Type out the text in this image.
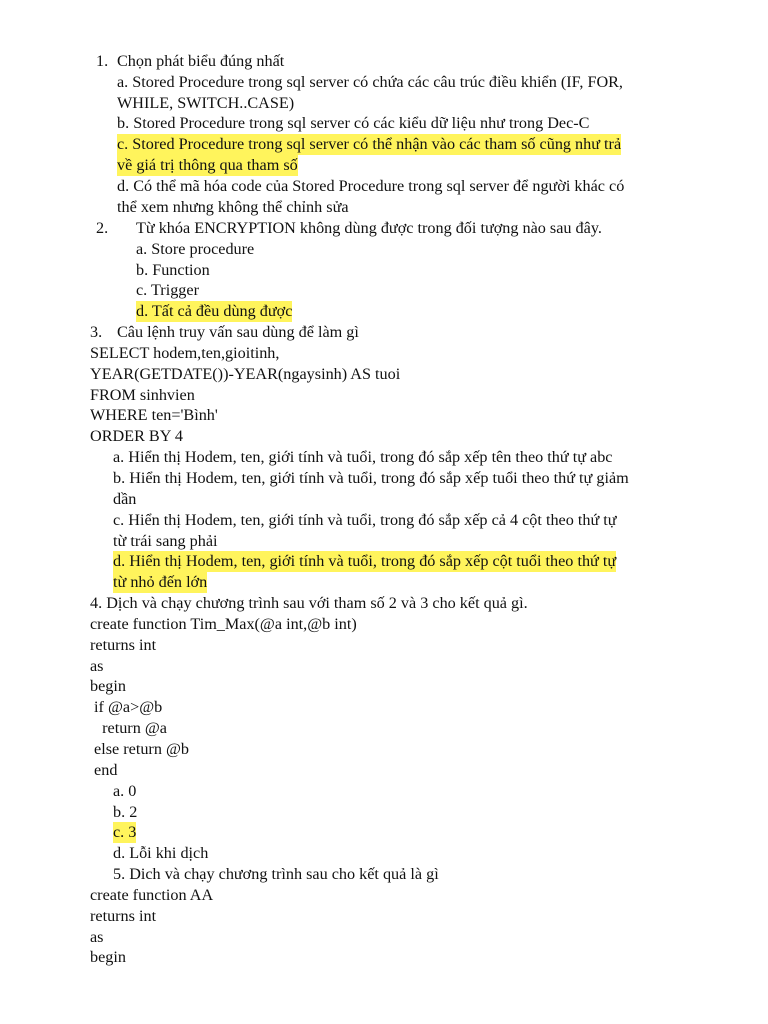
1. Chọn phát biểu đúng nhất
a. Stored Procedure trong sql server có chứa các câu trúc điều khiển (IF, FOR,
WHILE, SWITCH..CASE)
b. Stored Procedure trong sql server có các kiểu dữ liệu như trong Dec-C
c. Stored Procedure trong sql server có thể nhận vào các tham số cũng như trả
về giá trị thông qua tham số
d. Có thể mã hóa code của Stored Procedure trong sql server để người khác có
thể xem nhưng không thể chỉnh sửa
2. Từ khóa ENCRYPTION không dùng được trong đối tượng nào sau đây.
a. Store procedure
b. Function
c. Trigger
d. Tất cả đều dùng được
3. Câu lệnh truy vấn sau dùng để làm gì
SELECT hodem,ten,gioitinh,
YEAR(GETDATE())-YEAR(ngaysinh) AS tuoi
FROM sinhvien
WHERE ten='Bình'
ORDER BY 4
a. Hiển thị Hodem, ten, giới tính và tuổi, trong đó sắp xếp tên theo thứ tự abc
b. Hiển thị Hodem, ten, giới tính và tuổi, trong đó sắp xếp tuổi theo thứ tự giảm
dần
c. Hiển thị Hodem, ten, giới tính và tuổi, trong đó sắp xếp cả 4 cột theo thứ tự
từ trái sang phải
d. Hiển thị Hodem, ten, giới tính và tuổi, trong đó sắp xếp cột tuổi theo thứ tự
từ nhỏ đến lớn
4. Dịch và chạy chương trình sau với tham số 2 và 3 cho kết quả gì.
create function Tim_Max(@a int,@b int)
returns int
as
begin
if @a>@b
return @a
else return @b
end
a. 0
b. 2
c. 3
d. Lỗi khi dịch
5. Dich và chạy chương trình sau cho kết quả là gì
create function AA
returns int
as
begin
